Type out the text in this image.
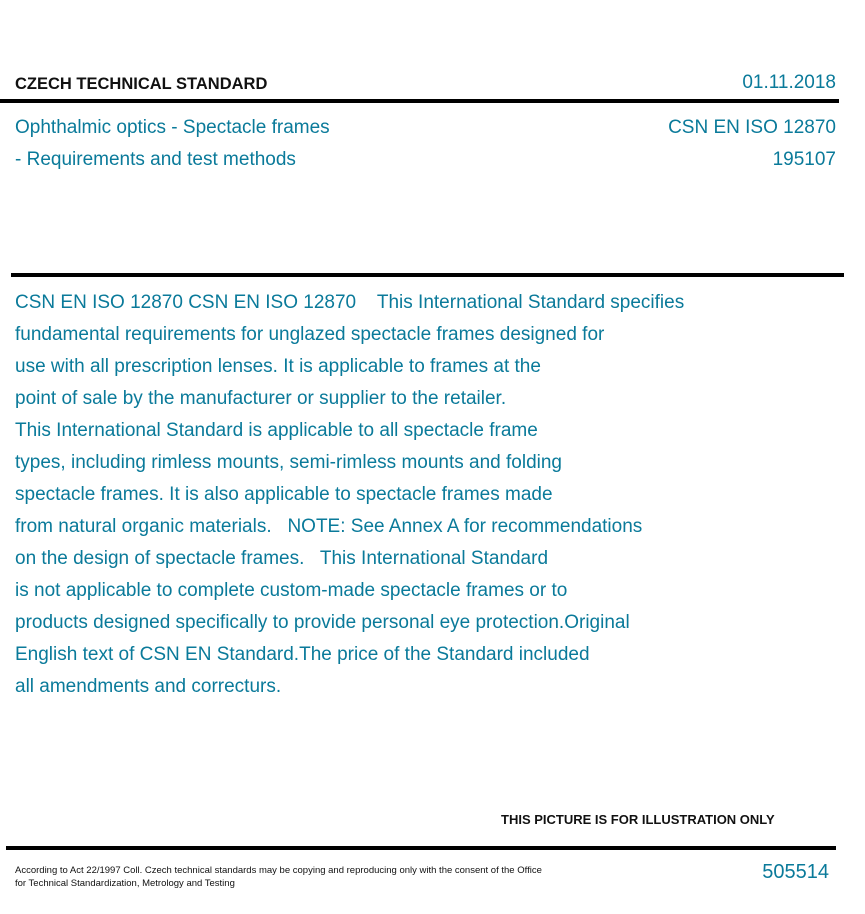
CZECH TECHNICAL STANDARD	01.11.2018
Ophthalmic optics - Spectacle frames
- Requirements and test methods
CSN EN ISO 12870
195107
CSN EN ISO 12870 CSN EN ISO 12870    This International Standard specifies
fundamental requirements for unglazed spectacle frames designed for
use with all prescription lenses. It is applicable to frames at the
point of sale by the manufacturer or supplier to the retailer.
This International Standard is applicable to all spectacle frame
types, including rimless mounts, semi-rimless mounts and folding
spectacle frames. It is also applicable to spectacle frames made
from natural organic materials.   NOTE: See Annex A for recommendations
on the design of spectacle frames.   This International Standard
is not applicable to complete custom-made spectacle frames or to
products designed specifically to provide personal eye protection.Original
English text of CSN EN Standard.The price of the Standard included
all amendments and correcturs.
THIS PICTURE IS FOR ILLUSTRATION ONLY
According to Act 22/1997 Coll. Czech technical standards may be copying and reproducing only with the consent of the Office
for Technical Standardization, Metrology and Testing
505514
